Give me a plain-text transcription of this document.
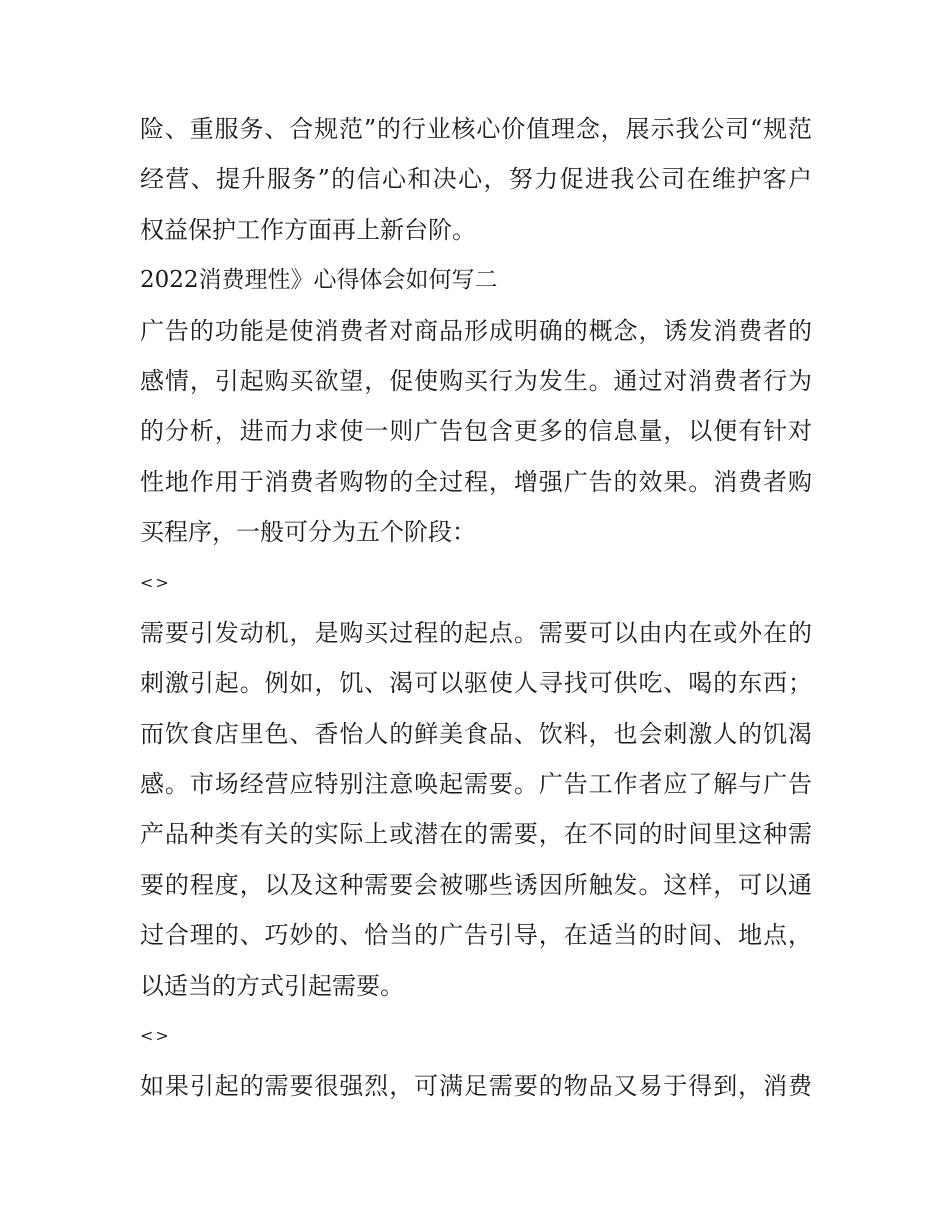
险、重服务、合规范”的行业核心价值理念，展示我公司“规范
经营、提升服务”的信心和决心，努力促进我公司在维护客户
权益保护工作方面再上新台阶。
2022消费理性》心得体会如何写二
广告的功能是使消费者对商品形成明确的概念，诱发消费者的
感情，引起购买欲望，促使购买行为发生。通过对消费者行为
的分析，进而力求使一则广告包含更多的信息量，以便有针对
性地作用于消费者购物的全过程，增强广告的效果。消费者购
买程序，一般可分为五个阶段：
<>
需要引发动机，是购买过程的起点。需要可以由内在或外在的
刺激引起。例如，饥、渴可以驱使人寻找可供吃、喝的东西；
而饮食店里色、香怡人的鲜美食品、饮料，也会刺激人的饥渴
感。市场经营应特别注意唤起需要。广告工作者应了解与广告
产品种类有关的实际上或潜在的需要，在不同的时间里这种需
要的程度，以及这种需要会被哪些诱因所触发。这样，可以通
过合理的、巧妙的、恰当的广告引导，在适当的时间、地点，
以适当的方式引起需要。
<>
如果引起的需要很强烈，可满足需要的物品又易于得到，消费
